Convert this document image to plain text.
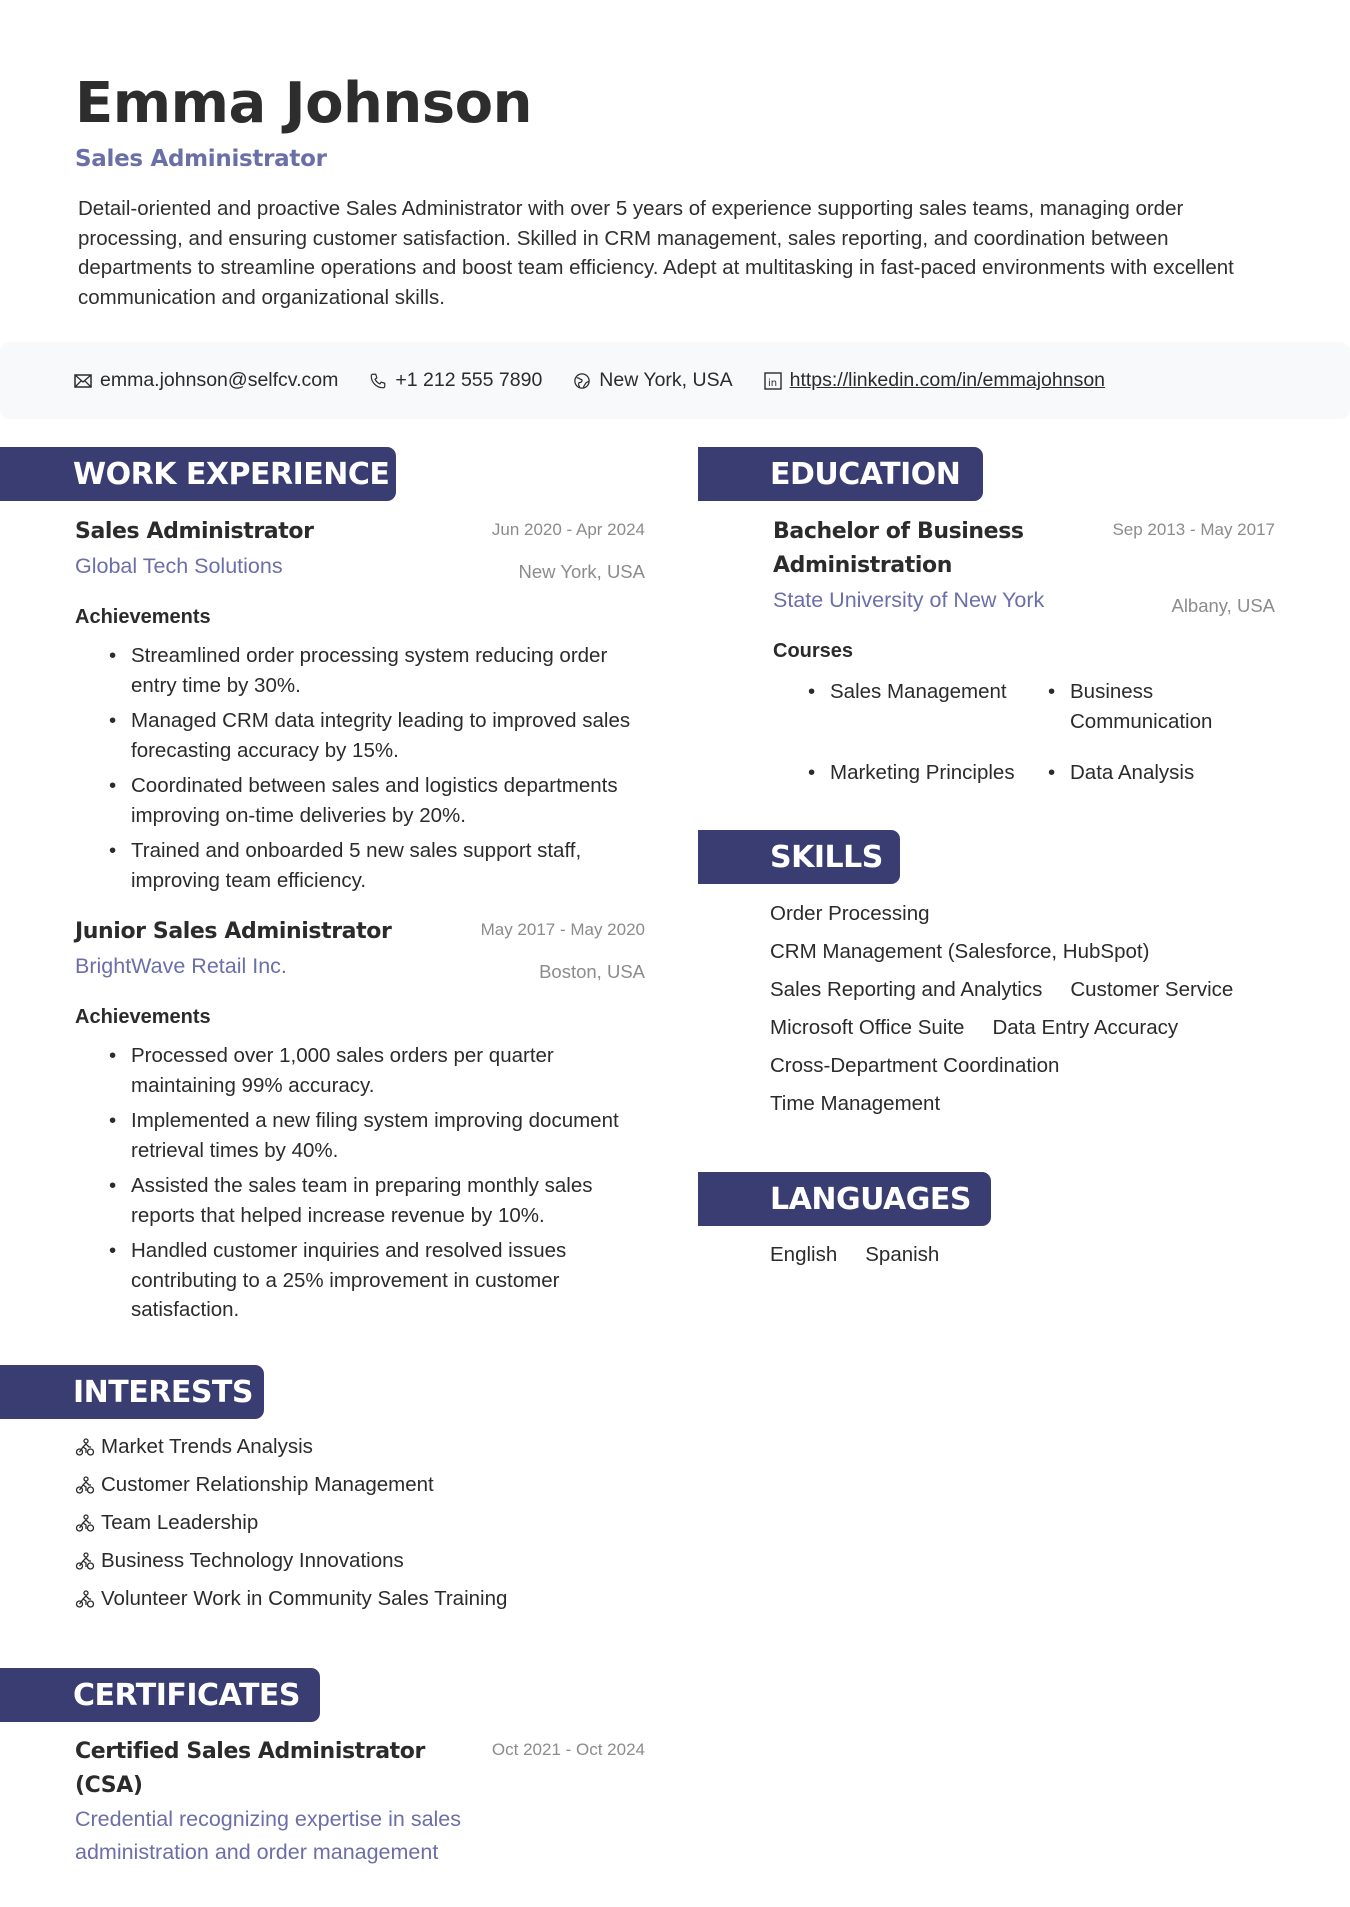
Emma Johnson
Sales Administrator
Detail-oriented and proactive Sales Administrator with over 5 years of experience supporting sales teams, managing order processing, and ensuring customer satisfaction. Skilled in CRM management, sales reporting, and coordination between departments to streamline operations and boost team efficiency. Adept at multitasking in fast-paced environments with excellent communication and organizational skills.
emma.johnson@selfcv.com	+1 212 555 7890	New York, USA	in https://linkedin.com/in/emmajohnson
WORK EXPERIENCE
Sales Administrator	Jun 2020 - Apr 2024
Global Tech Solutions	New York, USA
Achievements
• Streamlined order processing system reducing order entry time by 30%.
• Managed CRM data integrity leading to improved sales forecasting accuracy by 15%.
• Coordinated between sales and logistics departments improving on-time deliveries by 20%.
• Trained and onboarded 5 new sales support staff, improving team efficiency.
Junior Sales Administrator	May 2017 - May 2020
BrightWave Retail Inc.	Boston, USA
Achievements
• Processed over 1,000 sales orders per quarter maintaining 99% accuracy.
• Implemented a new filing system improving document retrieval times by 40%.
• Assisted the sales team in preparing monthly sales reports that helped increase revenue by 10%.
• Handled customer inquiries and resolved issues contributing to a 25% improvement in customer satisfaction.
EDUCATION
Bachelor of Business Administration
Sep 2013 - May 2017
State University of New York	Albany, USA
Courses
• Sales Management	• Business Communication
• Marketing Principles	• Data Analysis
SKILLS
Order Processing
CRM Management (Salesforce, HubSpot)
Sales Reporting and Analytics Customer Service
Microsoft Office Suite Data Entry Accuracy
Cross-Department Coordination
Time Management
LANGUAGES
English Spanish
INTERESTS
Market Trends Analysis
Customer Relationship Management
Team Leadership
Business Technology Innovations
Volunteer Work in Community Sales Training
CERTIFICATES
Certified Sales Administrator (CSA)
Oct 2021 - Oct 2024
Credential recognizing expertise in sales administration and order management
